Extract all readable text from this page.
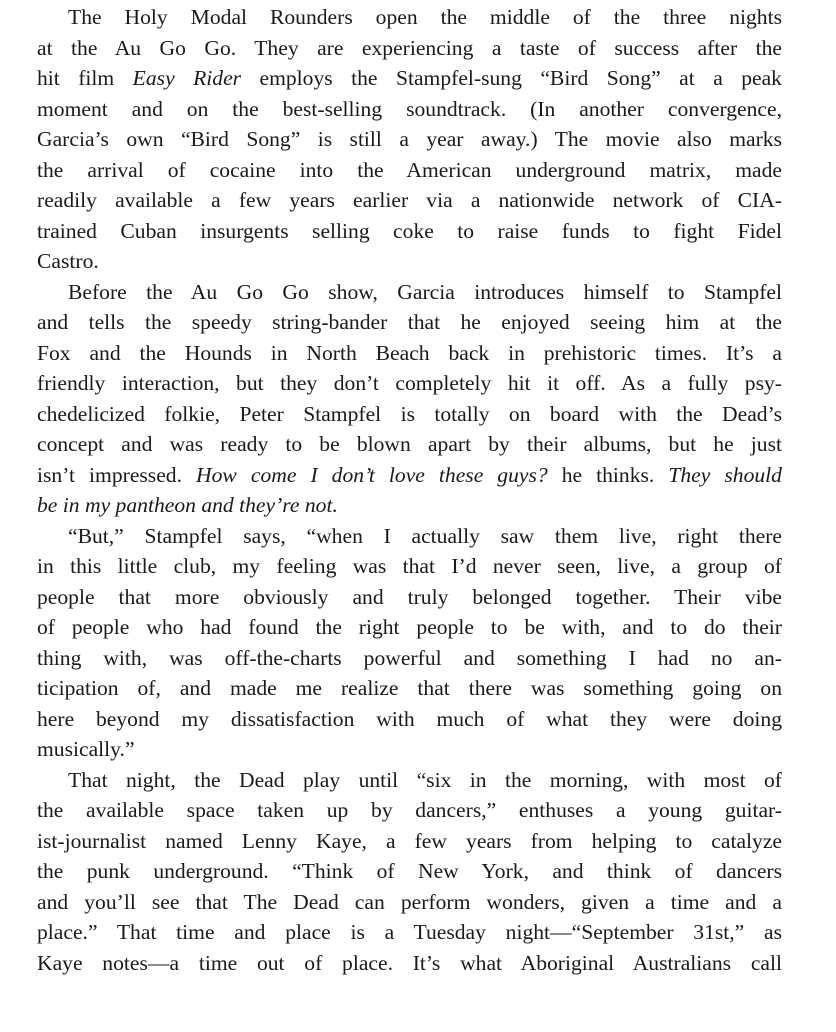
The Holy Modal Rounders open the middle of the three nights
at the Au Go Go. They are experiencing a taste of success after the
hit film Easy Rider employs the Stampfel-sung “Bird Song” at a peak
moment and on the best-selling soundtrack. (In another convergence,
Garcia’s own “Bird Song” is still a year away.) The movie also marks
the arrival of cocaine into the American underground matrix, made
readily available a few years earlier via a nationwide network of CIA-
trained Cuban insurgents selling coke to raise funds to fight Fidel
Castro.
Before the Au Go Go show, Garcia introduces himself to Stampfel
and tells the speedy string-bander that he enjoyed seeing him at the
Fox and the Hounds in North Beach back in prehistoric times. It’s a
friendly interaction, but they don’t completely hit it off. As a fully psy-
chedelicized folkie, Peter Stampfel is totally on board with the Dead’s
concept and was ready to be blown apart by their albums, but he just
isn’t impressed. How come I don’t love these guys? he thinks. They should
be in my pantheon and they’re not.
“But,” Stampfel says, “when I actually saw them live, right there
in this little club, my feeling was that I’d never seen, live, a group of
people that more obviously and truly belonged together. Their vibe
of people who had found the right people to be with, and to do their
thing with, was off-the-charts powerful and something I had no an-
ticipation of, and made me realize that there was something going on
here beyond my dissatisfaction with much of what they were doing
musically.”
That night, the Dead play until “six in the morning, with most of
the available space taken up by dancers,” enthuses a young guitar-
ist-journalist named Lenny Kaye, a few years from helping to catalyze
the punk underground. “Think of New York, and think of dancers
and you’ll see that The Dead can perform wonders, given a time and a
place.” That time and place is a Tuesday night—“September 31st,” as
Kaye notes—a time out of place. It’s what Aboriginal Australians call
